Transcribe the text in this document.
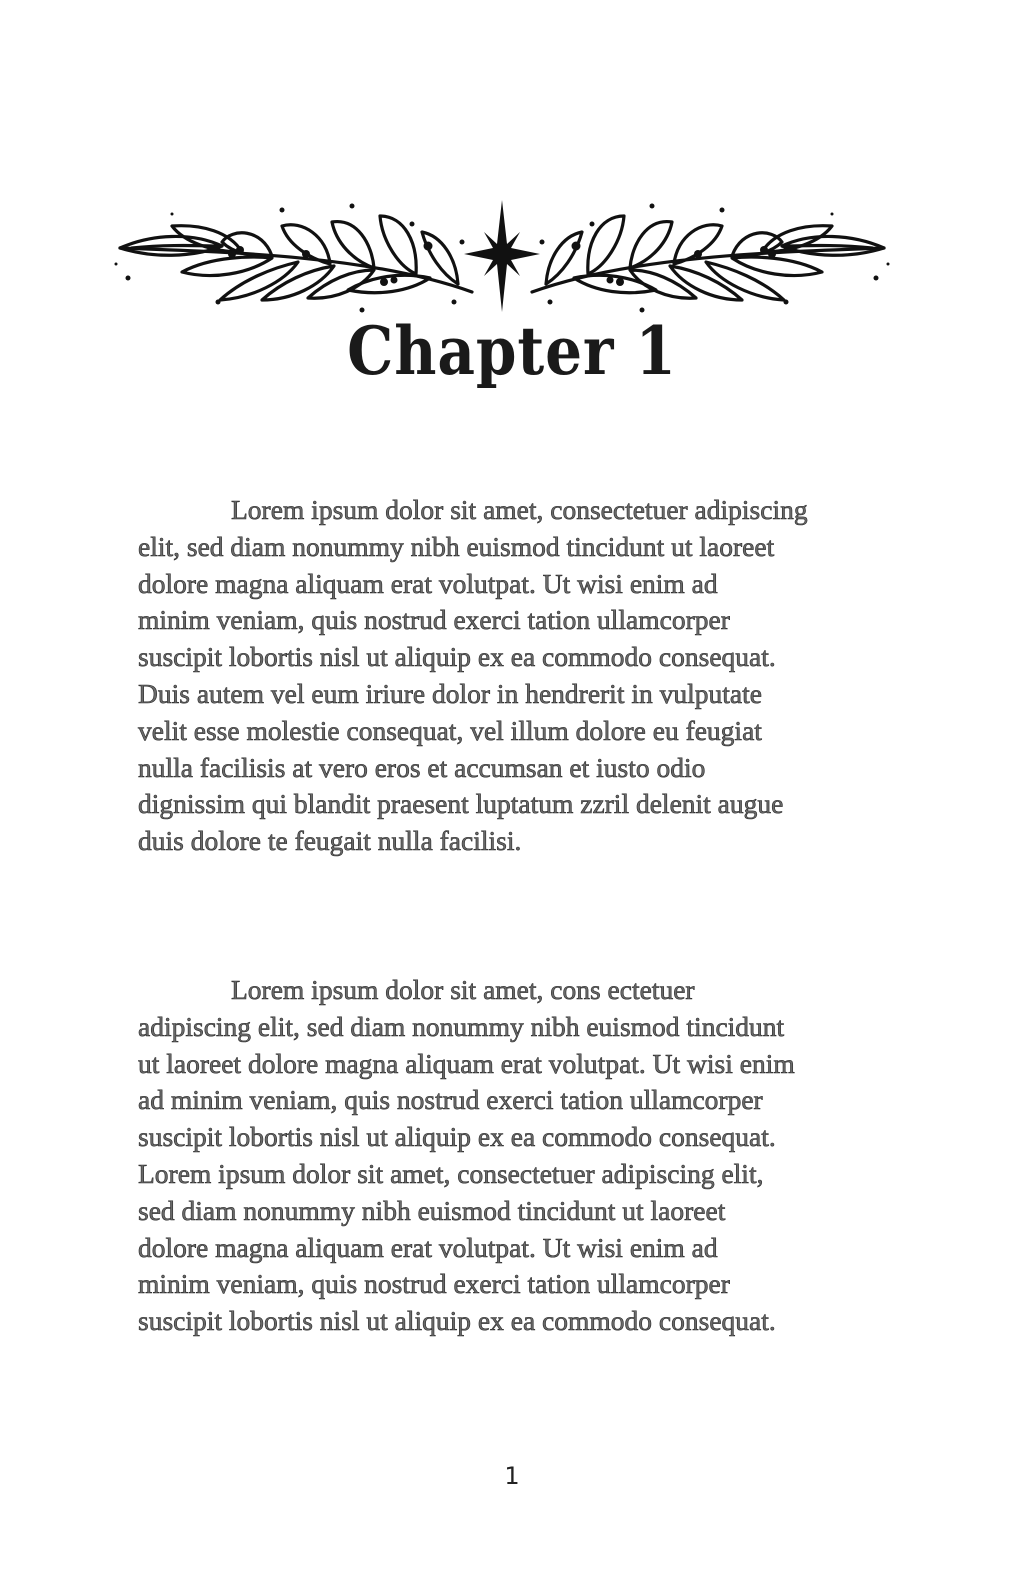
Chapter 1

Lorem ipsum dolor sit amet, consectetuer adipiscing
elit, sed diam nonummy nibh euismod tincidunt ut laoreet
dolore magna aliquam erat volutpat. Ut wisi enim ad
minim veniam, quis nostrud exerci tation ullamcorper
suscipit lobortis nisl ut aliquip ex ea commodo consequat.
Duis autem vel eum iriure dolor in hendrerit in vulputate
velit esse molestie consequat, vel illum dolore eu feugiat
nulla facilisis at vero eros et accumsan et iusto odio
dignissim qui blandit praesent luptatum zzril delenit augue
duis dolore te feugait nulla facilisi.

Lorem ipsum dolor sit amet, cons ectetuer
adipiscing elit, sed diam nonummy nibh euismod tincidunt
ut laoreet dolore magna aliquam erat volutpat. Ut wisi enim
ad minim veniam, quis nostrud exerci tation ullamcorper
suscipit lobortis nisl ut aliquip ex ea commodo consequat.
Lorem ipsum dolor sit amet, consectetuer adipiscing elit,
sed diam nonummy nibh euismod tincidunt ut laoreet
dolore magna aliquam erat volutpat. Ut wisi enim ad
minim veniam, quis nostrud exerci tation ullamcorper
suscipit lobortis nisl ut aliquip ex ea commodo consequat.

1
